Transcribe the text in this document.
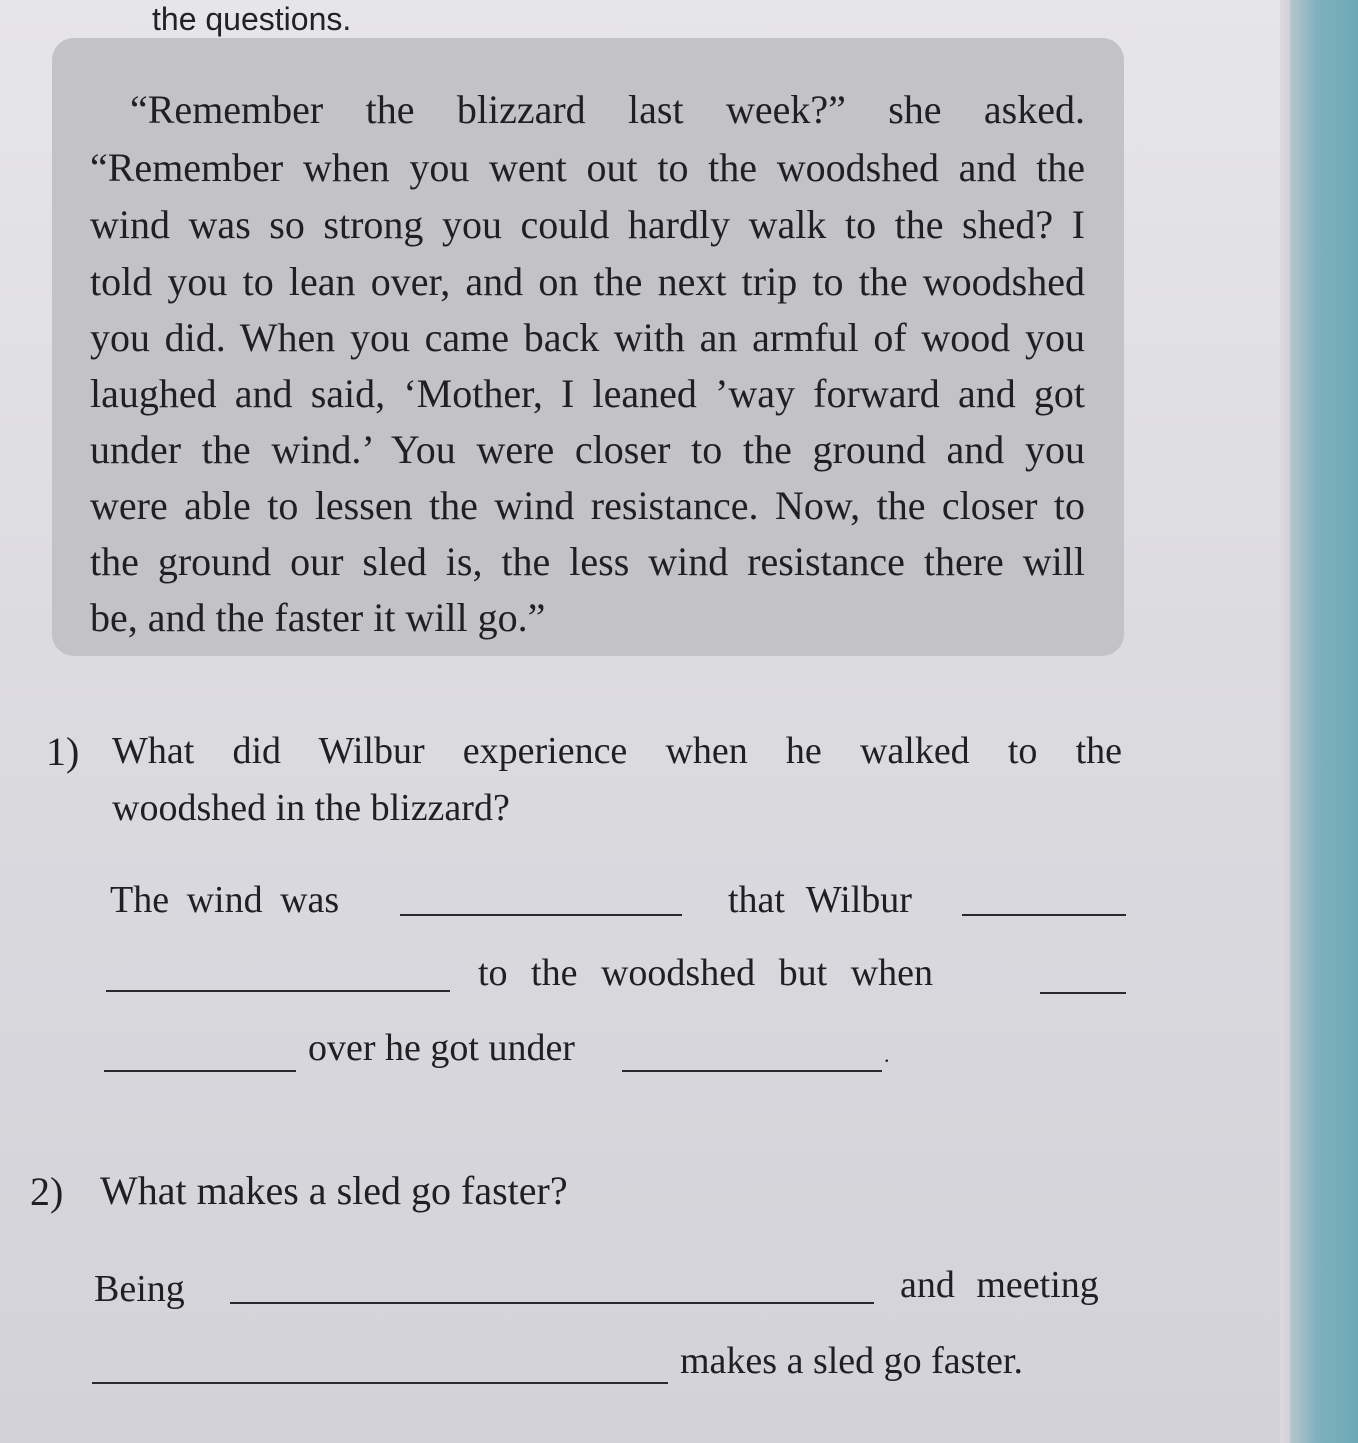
the questions.

“Remember the blizzard last week?” she asked.

“Remember when you went out to the woodshed and the

wind was so strong you could hardly walk to the shed? I

told you to lean over, and on the next trip to the woodshed

you did. When you came back with an armful of wood you

laughed and said, ‘Mother, I leaned ’way forward and got

under the wind.’ You were closer to the ground and you

were able to lessen the wind resistance. Now, the closer to

the ground our sled is, the less wind resistance there will

be, and the faster it will go.”

1) What did Wilbur experience when he walked to the

woodshed in the blizzard?

The wind was	that Wilbur

to the woodshed but when

over he got under	.

2) What makes a sled go faster?

Being	and meeting

makes a sled go faster.
